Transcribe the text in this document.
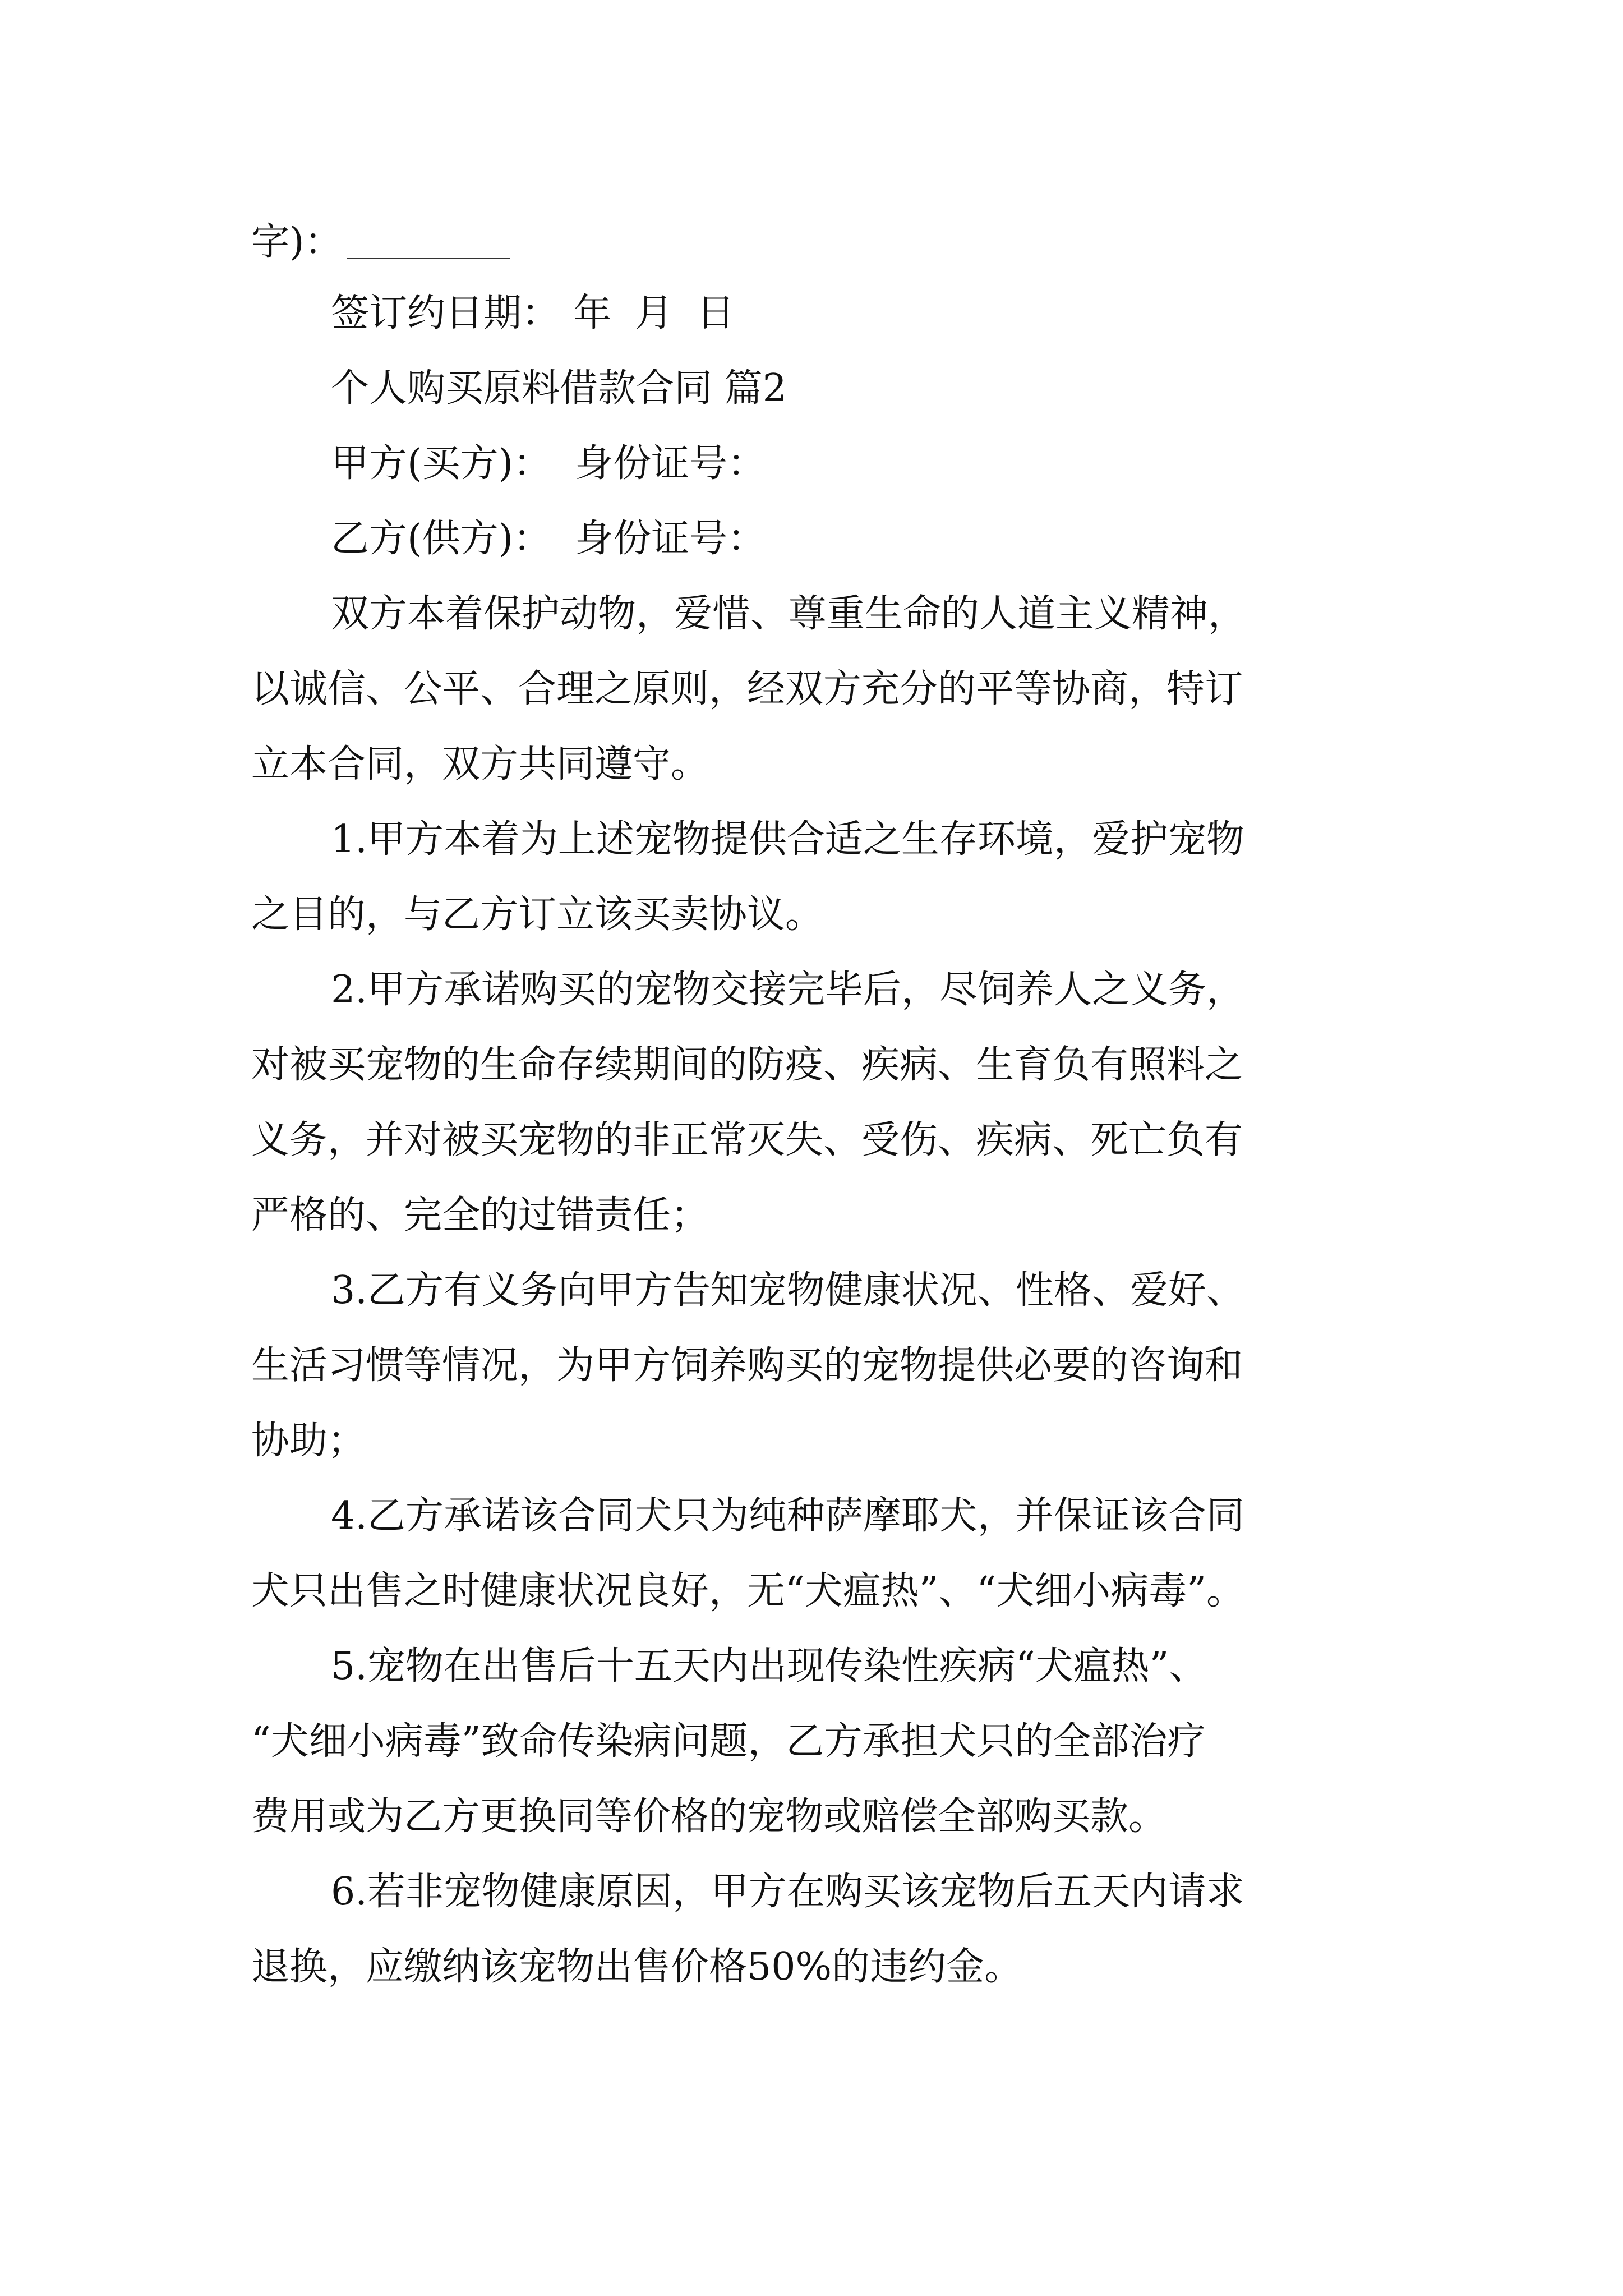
字)：
签订约日期： 年 月 日
个人购买原料借款合同 篇2
甲方(买方)： 身份证号：
乙方(供方)： 身份证号：
双方本着保护动物，爱惜、尊重生命的人道主义精神，
以诚信、公平、合理之原则，经双方充分的平等协商，特订
立本合同，双方共同遵守。
1.甲方本着为上述宠物提供合适之生存环境，爱护宠物
之目的，与乙方订立该买卖协议。
2.甲方承诺购买的宠物交接完毕后，尽饲养人之义务，
对被买宠物的生命存续期间的防疫、疾病、生育负有照料之
义务，并对被买宠物的非正常灭失、受伤、疾病、死亡负有
严格的、完全的过错责任；
3.乙方有义务向甲方告知宠物健康状况、性格、爱好、
生活习惯等情况，为甲方饲养购买的宠物提供必要的咨询和
协助；
4.乙方承诺该合同犬只为纯种萨摩耶犬，并保证该合同
犬只出售之时健康状况良好，无“犬瘟热”、“犬细小病毒”。
5.宠物在出售后十五天内出现传染性疾病“犬瘟热”、
“犬细小病毒”致命传染病问题，乙方承担犬只的全部治疗
费用或为乙方更换同等价格的宠物或赔偿全部购买款。
6.若非宠物健康原因，甲方在购买该宠物后五天内请求
退换，应缴纳该宠物出售价格50%的违约金。
